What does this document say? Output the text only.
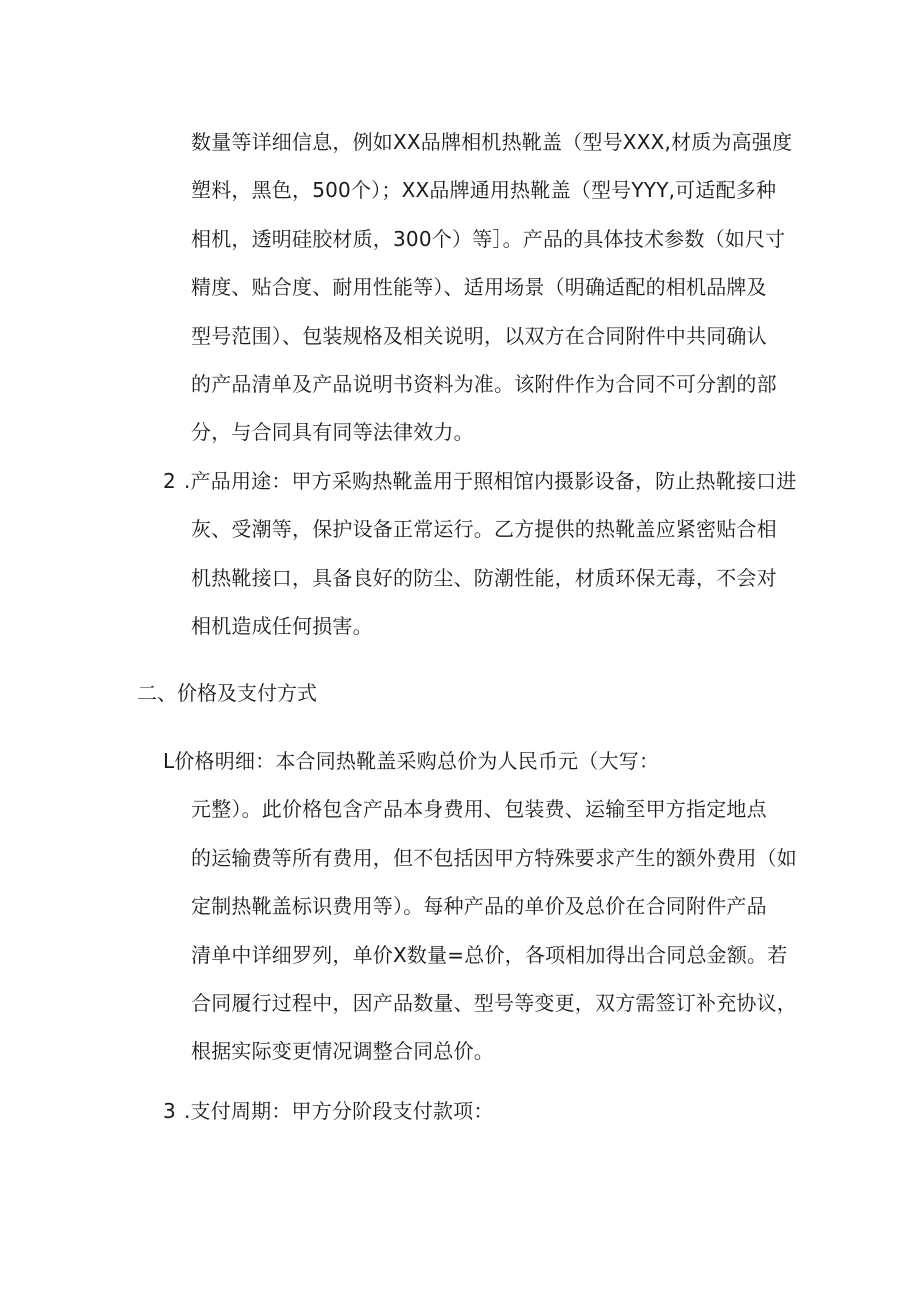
数量等详细信息，例如XX品牌相机热靴盖（型号XXX,材质为高强度
塑料，黑色，500个）；XX品牌通用热靴盖（型号YYY,可适配多种
相机，透明硅胶材质，300个）等］。产品的具体技术参数（如尺寸
精度、贴合度、耐用性能等）、适用场景（明确适配的相机品牌及
型号范围）、包装规格及相关说明，以双方在合同附件中共同确认
的产品清单及产品说明书资料为准。该附件作为合同不可分割的部
分，与合同具有同等法律效力。
2 .产品用途：甲方采购热靴盖用于照相馆内摄影设备，防止热靴接口进
灰、受潮等，保护设备正常运行。乙方提供的热靴盖应紧密贴合相
机热靴接口，具备良好的防尘、防潮性能，材质环保无毒，不会对
相机造成任何损害。
二、价格及支付方式
L价格明细：本合同热靴盖采购总价为人民币元（大写：
元整）。此价格包含产品本身费用、包装费、运输至甲方指定地点
的运输费等所有费用，但不包括因甲方特殊要求产生的额外费用（如
定制热靴盖标识费用等）。每种产品的单价及总价在合同附件产品
清单中详细罗列，单价X数量=总价，各项相加得出合同总金额。若
合同履行过程中，因产品数量、型号等变更，双方需签订补充协议，
根据实际变更情况调整合同总价。
3 .支付周期：甲方分阶段支付款项：
